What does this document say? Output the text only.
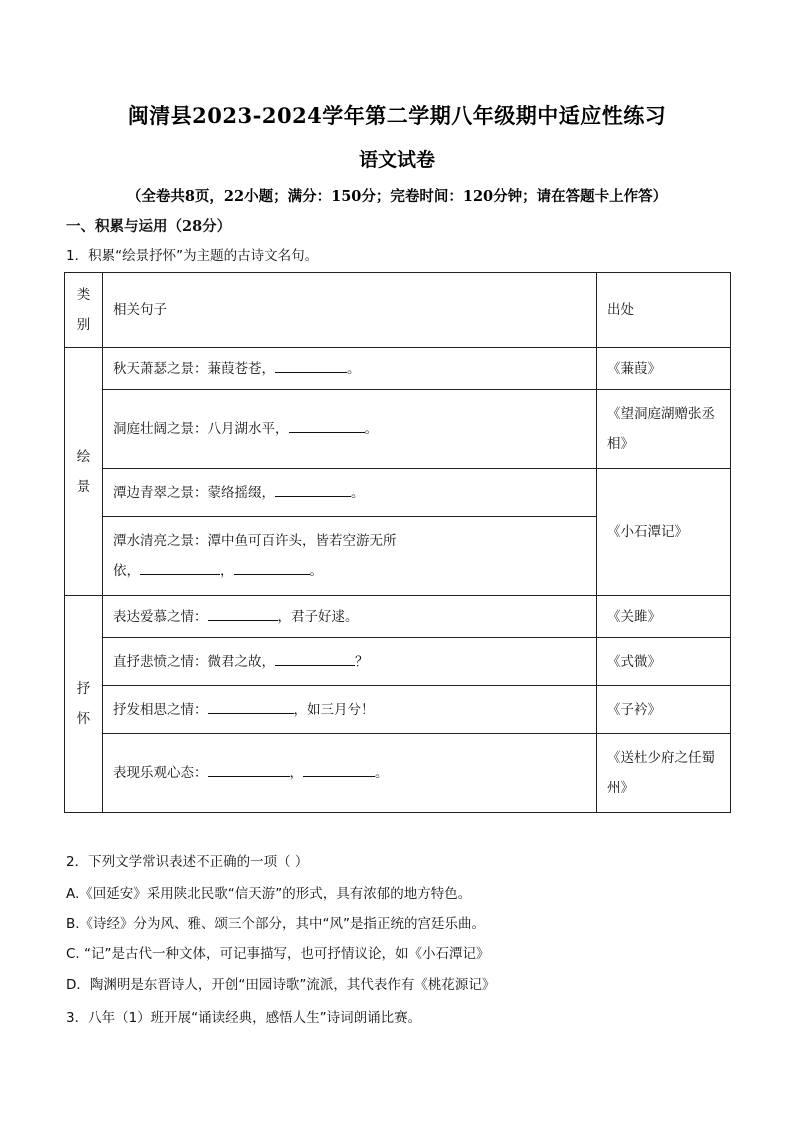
闽清县2023-2024学年第二学期八年级期中适应性练习
语文试卷
（全卷共8页，22小题；满分：150分；完卷时间：120分钟；请在答题卡上作答）
一、积累与运用（28分）
1．积累“绘景抒怀”为主题的古诗文名句。
类
别	相关句子	出处

绘
景	秋天萧瑟之景：蒹葭苍苍， 。	《蒹葭》
	洞庭壮阔之景：八月湖水平， 。	《望洞庭湖赠张丞相》
	潭边青翠之景：蒙络摇缀， 。	《小石潭记》

	潭水清亮之景：潭中鱼可百许头，皆若空游无所依， ， 。	

抒
怀	表达爱慕之情： ，君子好逑。	《关雎》
	直抒悲愤之情：微君之故， ？	《式微》
	抒发相思之情： ，如三月兮！	《子衿》
	表现乐观心态： ， 。	《送杜少府之任蜀州》
2．下列文学常识表述不正确的一项（ ）
A.《回延安》采用陕北民歌“信天游”的形式，具有浓郁的地方特色。
B.《诗经》分为风、雅、颂三个部分，其中“风”是指正统的宫廷乐曲。
C. “记”是古代一种文体，可记事描写，也可抒情议论，如《小石潭记》
D．陶渊明是东晋诗人，开创“田园诗歌”流派，其代表作有《桃花源记》
3．八年（1）班开展“诵读经典，感悟人生”诗词朗诵比赛。
